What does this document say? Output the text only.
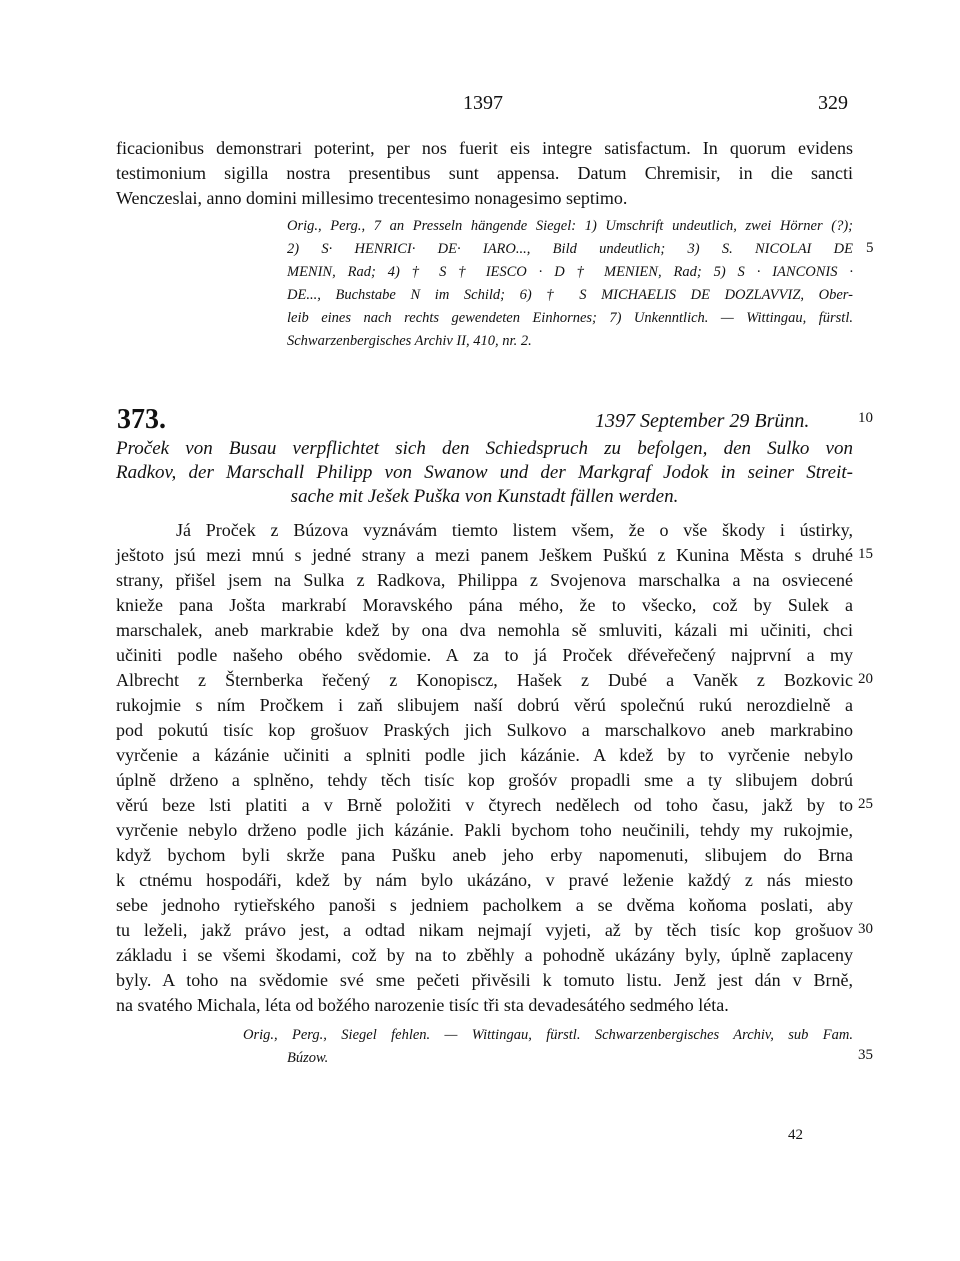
1397	329
ficacionibus demonstrari poterint, per nos fuerit eis integre satisfactum. In quorum evidens
testimonium sigilla nostra presentibus sunt appensa. Datum Chremisir, in die sancti
Wenczeslai, anno domini millesimo trecentesimo nonagesimo septimo.
Orig., Perg., 7 an Presseln hängende Siegel: 1) Umschrift undeutlich, zwei Hörner (?);
2) S· HENRICI· DE· IARO..., Bild undeutlich; 3) S. NICOLAI DE
MENIN, Rad; 4) † S † IESCO · D † MENIEN, Rad; 5) S · IANCONIS ·
DE..., Buchstabe N im Schild; 6) † S MICHAELIS DE DOZLAVVIZ, Ober-
leib eines nach rechts gewendeten Einhornes; 7) Unkenntlich. — Wittingau, fürstl.
Schwarzenbergisches Archiv II, 410, nr. 2.
373.	1397 September 29 Brünn.
Proček von Busau verpflichtet sich den Schiedspruch zu befolgen, den Sulko von
Radkov, der Marschall Philipp von Swanow und der Markgraf Jodok in seiner Streit-
sache mit Ješek Puška von Kunstadt fällen werden.
Já Proček z Búzova vyznávám tiemto listem všem, že o vše škody i ústirky,
ještoto jsú mezi mnú s jedné strany a mezi panem Ješkem Puškú z Kunina Města s druhé
strany, přišel jsem na Sulka z Radkova, Philippa z Svojenova marschalka a na osviecené
knieže pana Jošta markrabí Moravského pána mého, že to všecko, což by Sulek a
marschalek, aneb markrabie kdež by ona dva nemohla sě smluviti, kázali mi učiniti, chci
učiniti podle našeho obého svědomie. A za to já Proček dřéveřečený najprvní a my
Albrecht z Šternberka řečený z Konopiscz, Hašek z Dubé a Vaněk z Bozkovic
rukojmie s ním Pročkem i zaň slibujem naší dobrú věrú společnú rukú nerozdielně a
pod pokutú tisíc kop grošuov Praských jich Sulkovo a marschalkovo aneb markrabino
vyrčenie a kázánie učiniti a splniti podle jich kázánie. A kdež by to vyrčenie nebylo
úplně drženo a splněno, tehdy těch tisíc kop grošóv propadli sme a ty slibujem dobrú
věrú beze lsti platiti a v Brně položiti v čtyrech nedělech od toho času, jakž by to
vyrčenie nebylo drženo podle jich kázánie. Pakli bychom toho neučinili, tehdy my rukojmie,
když bychom byli skrže pana Pušku aneb jeho erby napomenuti, slibujem do Brna
k ctnému hospodáři, kdež by nám bylo ukázáno, v pravé leženie každý z nás miesto
sebe jednoho rytieřského panoši s jedniem pacholkem a se dvěma koňoma poslati, aby
tu leželi, jakž právo jest, a odtad nikam nejmají vyjeti, až by těch tisíc kop grošuov
základu i se všemi škodami, což by na to zběhly a pohodně ukázány byly, úplně zaplaceny
byly. A toho na svědomie své sme pečeti přivěsili k tomuto listu. Jenž jest dán v Brně,
na svatého Michala, léta od božého narozenie tisíc tři sta devadesátého sedmého léta.
Orig., Perg., Siegel fehlen. — Wittingau, fürstl. Schwarzenbergisches Archiv, sub Fam.
Búzow.
5
10
15
20
25
30
35
42
